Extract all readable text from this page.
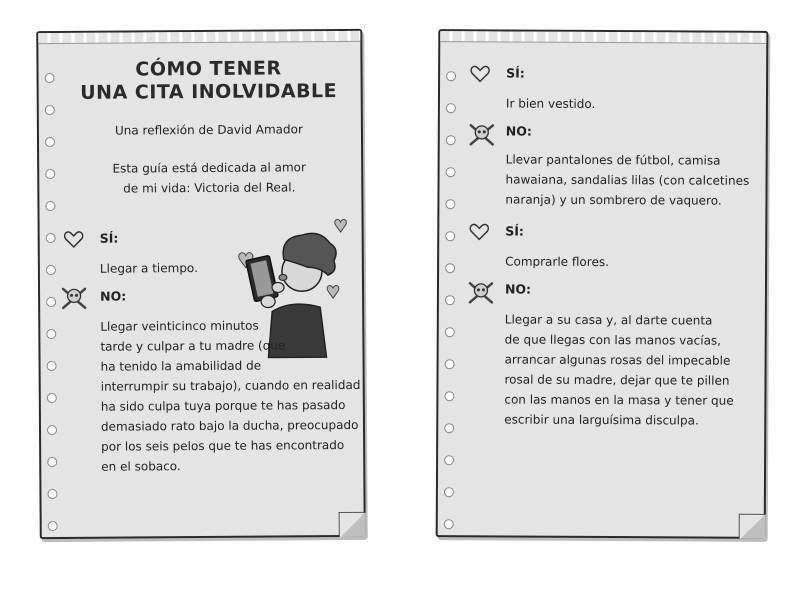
CÓMO TENER
UNA CITA INOLVIDABLE
Una reflexión de David Amador
Esta guía está dedicada al amor
de mi vida: Victoria del Real.
SÍ:
Llegar a tiempo.
NO:
Llegar veinticinco minutos
tarde y culpar a tu madre (que
ha tenido la amabilidad de
interrumpir su trabajo), cuando en realidad
ha sido culpa tuya porque te has pasado
demasiado rato bajo la ducha, preocupado
por los seis pelos que te has encontrado
en el sobaco.
SÍ:
Ir bien vestido.
NO:
Llevar pantalones de fútbol, camisa
hawaiana, sandalias lilas (con calcetines
naranja) y un sombrero de vaquero.
SÍ:
Comprarle flores.
NO:
Llegar a su casa y, al darte cuenta
de que llegas con las manos vacías,
arrancar algunas rosas del impecable
rosal de su madre, dejar que te pillen
con las manos en la masa y tener que
escribir una larguísima disculpa.
